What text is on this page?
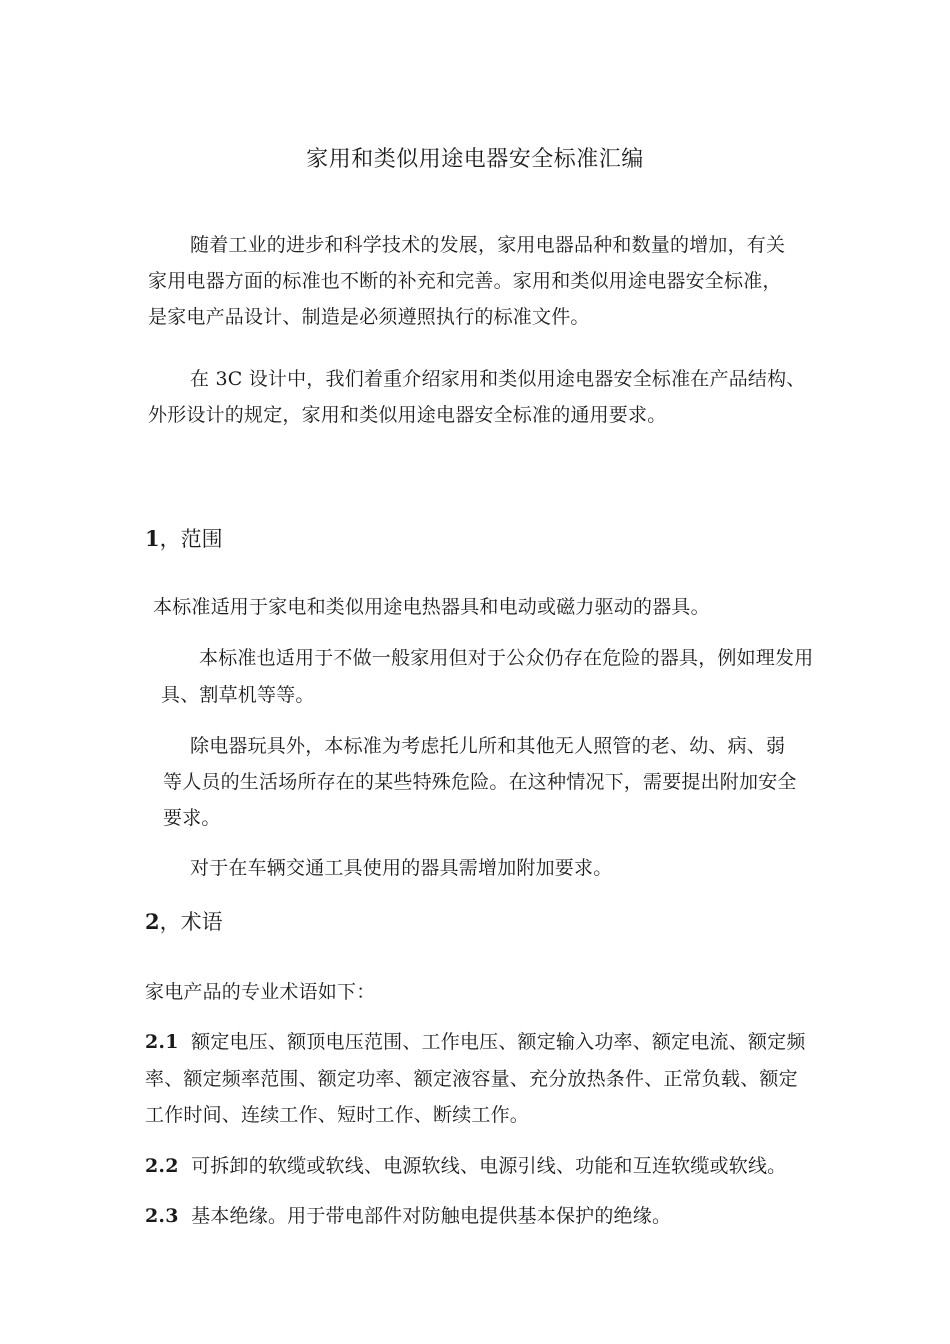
家用和类似用途电器安全标准汇编
随着工业的进步和科学技术的发展，家用电器品种和数量的增加，有关
家用电器方面的标准也不断的补充和完善。家用和类似用途电器安全标准，
是家电产品设计、制造是必须遵照执行的标准文件。
在 3C 设计中，我们着重介绍家用和类似用途电器安全标准在产品结构、
外形设计的规定，家用和类似用途电器安全标准的通用要求。
1，范围
本标准适用于家电和类似用途电热器具和电动或磁力驱动的器具。
本标准也适用于不做一般家用但对于公众仍存在危险的器具，例如理发用
具、割草机等等。
除电器玩具外，本标准为考虑托儿所和其他无人照管的老、幼、病、弱
等人员的生活场所存在的某些特殊危险。在这种情况下，需要提出附加安全
要求。
对于在车辆交通工具使用的器具需增加附加要求。
2，术语
家电产品的专业术语如下：
2.1 额定电压、额顶电压范围、工作电压、额定输入功率、额定电流、额定频
率、额定频率范围、额定功率、额定液容量、充分放热条件、正常负载、额定
工作时间、连续工作、短时工作、断续工作。
2.2 可拆卸的软缆或软线、电源软线、电源引线、功能和互连软缆或软线。
2.3 基本绝缘。用于带电部件对防触电提供基本保护的绝缘。
